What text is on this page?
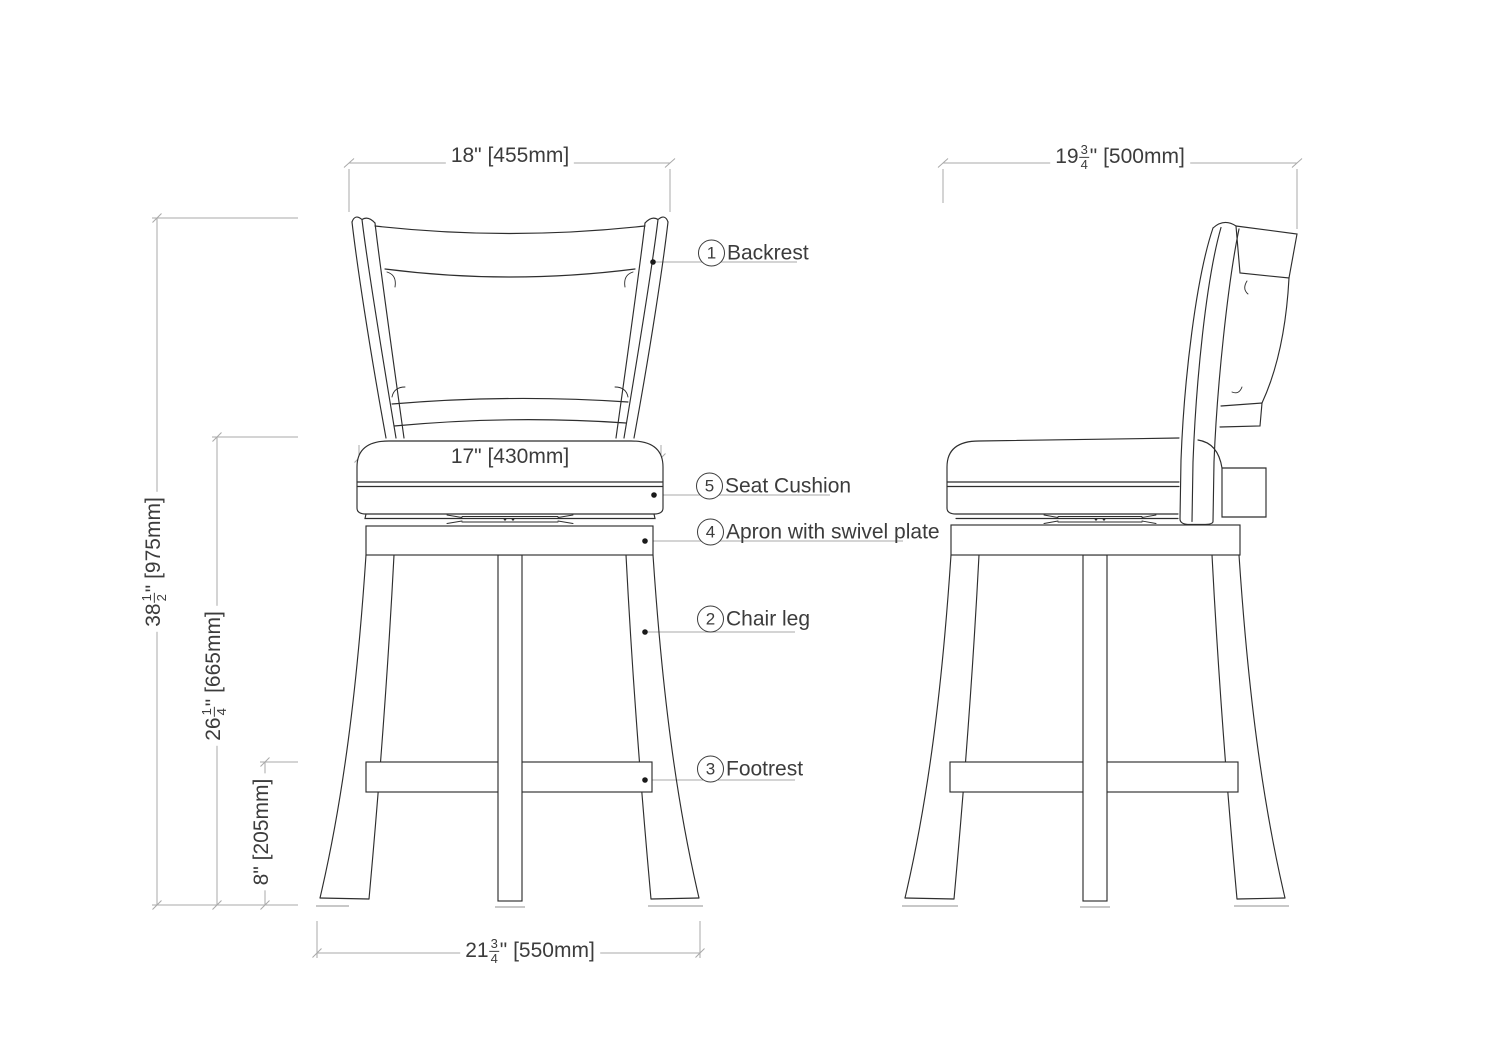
18" [455mm]	$19 \frac{3}{4}$ " [500mm]
38
1 2
" [975mm]
26
1 4
" [665mm]
8" [205mm]
17" [430mm]
$21 \frac{3}{4}$ " [550mm]
1 Backrest
5 Seat Cushion
4 Apron with swivel plate
2 Chair leg
3 Footrest
